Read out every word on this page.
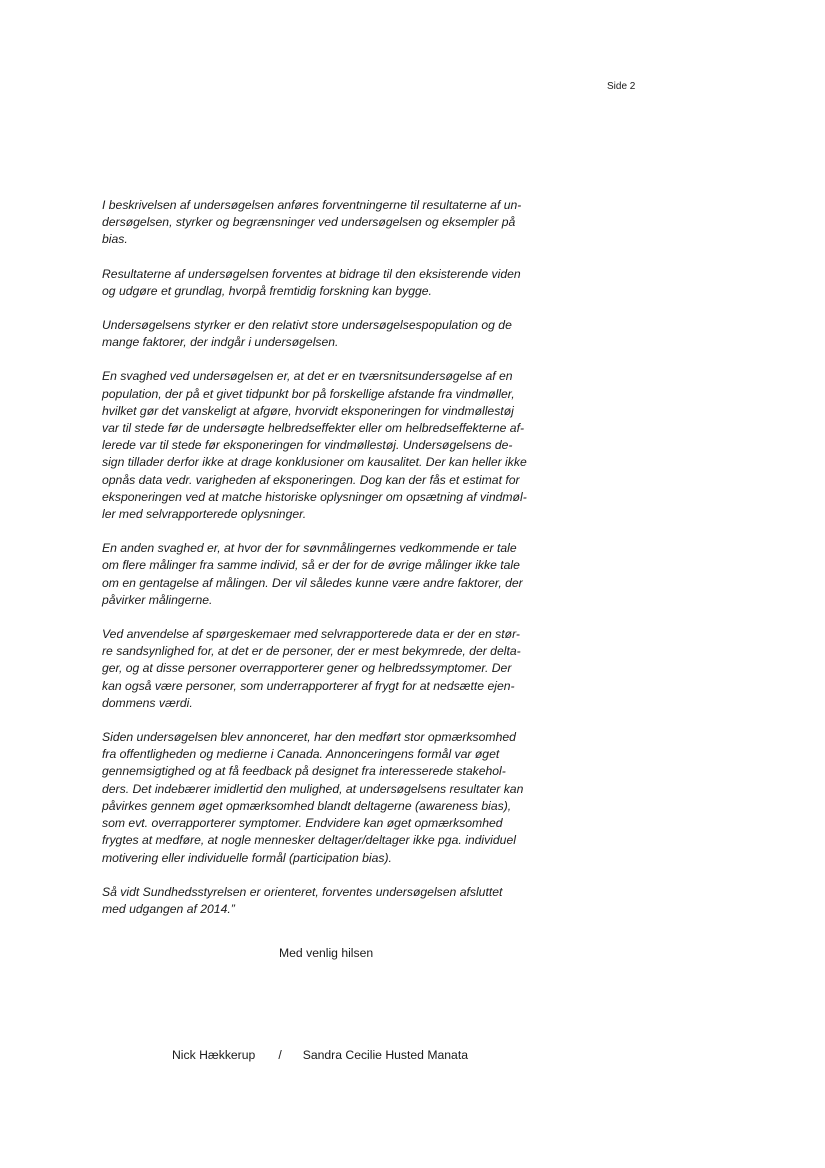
Side 2
I beskrivelsen af undersøgelsen anføres forventningerne til resultaterne af un-
dersøgelsen, styrker og begrænsninger ved undersøgelsen og eksempler på
bias.
Resultaterne af undersøgelsen forventes at bidrage til den eksisterende viden
og udgøre et grundlag, hvorpå fremtidig forskning kan bygge.
Undersøgelsens styrker er den relativt store undersøgelsespopulation og de
mange faktorer, der indgår i undersøgelsen.
En svaghed ved undersøgelsen er, at det er en tværsnitsundersøgelse af en
population, der på et givet tidpunkt bor på forskellige afstande fra vindmøller,
hvilket gør det vanskeligt at afgøre, hvorvidt eksponeringen for vindmøllestøj
var til stede før de undersøgte helbredseffekter eller om helbredseffekterne af-
lerede var til stede før eksponeringen for vindmøllestøj. Undersøgelsens de-
sign tillader derfor ikke at drage konklusioner om kausalitet. Der kan heller ikke
opnås data vedr. varigheden af eksponeringen. Dog kan der fås et estimat for
eksponeringen ved at matche historiske oplysninger om opsætning af vindmøl-
ler med selvrapporterede oplysninger.
En anden svaghed er, at hvor der for søvnmålingernes vedkommende er tale
om flere målinger fra samme individ, så er der for de øvrige målinger ikke tale
om en gentagelse af målingen. Der vil således kunne være andre faktorer, der
påvirker målingerne.
Ved anvendelse af spørgeskemaer med selvrapporterede data er der en stør-
re sandsynlighed for, at det er de personer, der er mest bekymrede, der delta-
ger, og at disse personer overrapporterer gener og helbredssymptomer. Der
kan også være personer, som underrapporterer af frygt for at nedsætte ejen-
dommens værdi.
Siden undersøgelsen blev annonceret, har den medført stor opmærksomhed
fra offentligheden og medierne i Canada. Annonceringens formål var øget
gennemsigtighed og at få feedback på designet fra interesserede stakehol-
ders. Det indebærer imidlertid den mulighed, at undersøgelsens resultater kan
påvirkes gennem øget opmærksomhed blandt deltagerne (awareness bias),
som evt. overrapporterer symptomer. Endvidere kan øget opmærksomhed
frygtes at medføre, at nogle mennesker deltager/deltager ikke pga. individuel
motivering eller individuelle formål (participation bias).
Så vidt Sundhedsstyrelsen er orienteret, forventes undersøgelsen afsluttet
med udgangen af 2014.”
Med venlig hilsen
Nick Hækkerup / Sandra Cecilie Husted Manata
